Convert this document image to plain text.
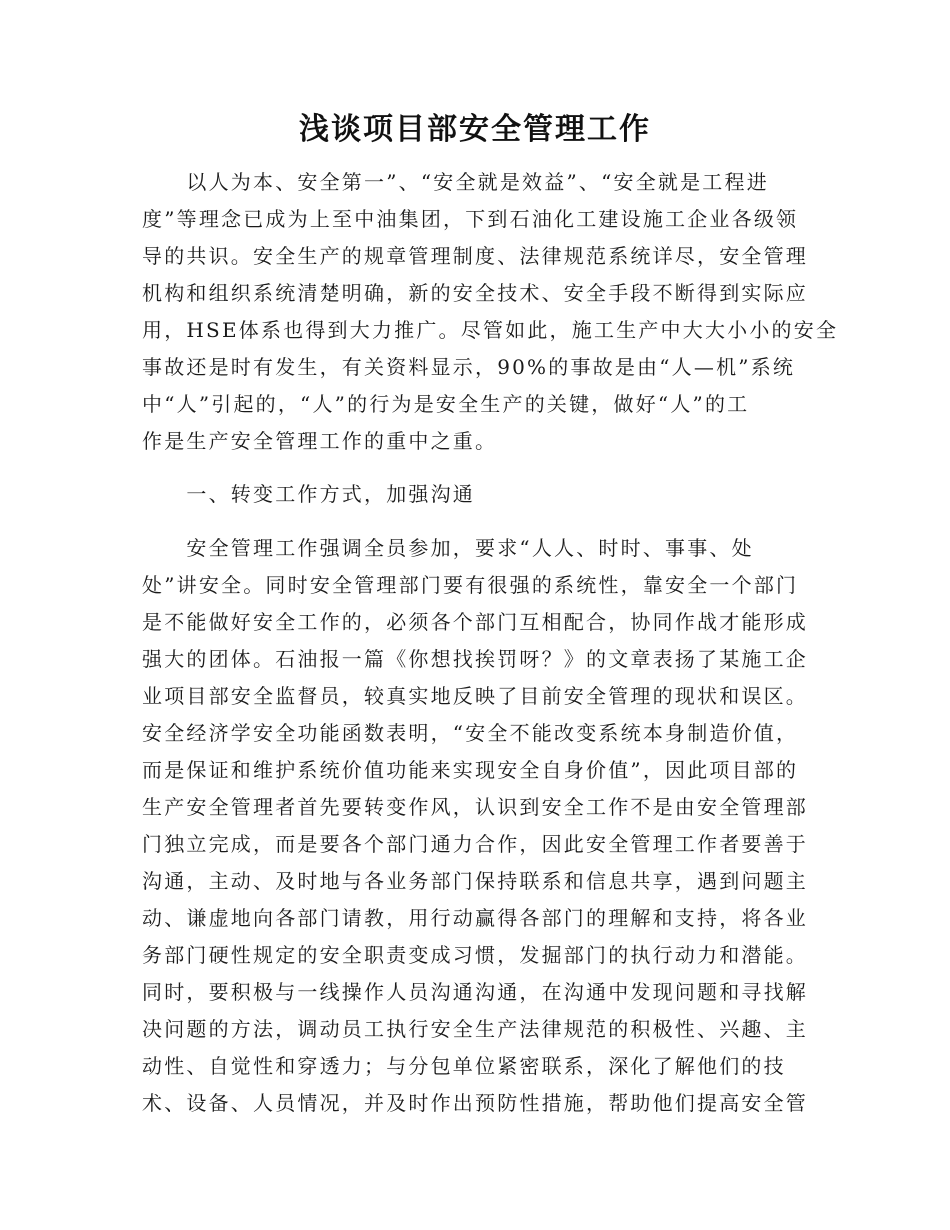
浅谈项目部安全管理工作
　　以人为本、安全第一”、“安全就是效益”、“安全就是工程进
度”等理念已成为上至中油集团，下到石油化工建设施工企业各级领
导的共识。安全生产的规章管理制度、法律规范系统详尽，安全管理
机构和组织系统清楚明确，新的安全技术、安全手段不断得到实际应
用，HSE体系也得到大力推广。尽管如此，施工生产中大大小小的安全
事故还是时有发生，有关资料显示，90%的事故是由“人—机”系统
中“人”引起的，“人”的行为是安全生产的关键，做好“人”的工
作是生产安全管理工作的重中之重。
　　一、转变工作方式，加强沟通
　　安全管理工作强调全员参加，要求“人人、时时、事事、处
处”讲安全。同时安全管理部门要有很强的系统性，靠安全一个部门
是不能做好安全工作的，必须各个部门互相配合，协同作战才能形成
强大的团体。石油报一篇《你想找挨罚呀？》的文章表扬了某施工企
业项目部安全监督员，较真实地反映了目前安全管理的现状和误区。
安全经济学安全功能函数表明，“安全不能改变系统本身制造价值，
而是保证和维护系统价值功能来实现安全自身价值”，因此项目部的
生产安全管理者首先要转变作风，认识到安全工作不是由安全管理部
门独立完成，而是要各个部门通力合作，因此安全管理工作者要善于
沟通，主动、及时地与各业务部门保持联系和信息共享，遇到问题主
动、谦虚地向各部门请教，用行动赢得各部门的理解和支持，将各业
务部门硬性规定的安全职责变成习惯，发掘部门的执行动力和潜能。
同时，要积极与一线操作人员沟通沟通，在沟通中发现问题和寻找解
决问题的方法，调动员工执行安全生产法律规范的积极性、兴趣、主
动性、自觉性和穿透力；与分包单位紧密联系，深化了解他们的技
术、设备、人员情况，并及时作出预防性措施，帮助他们提高安全管
